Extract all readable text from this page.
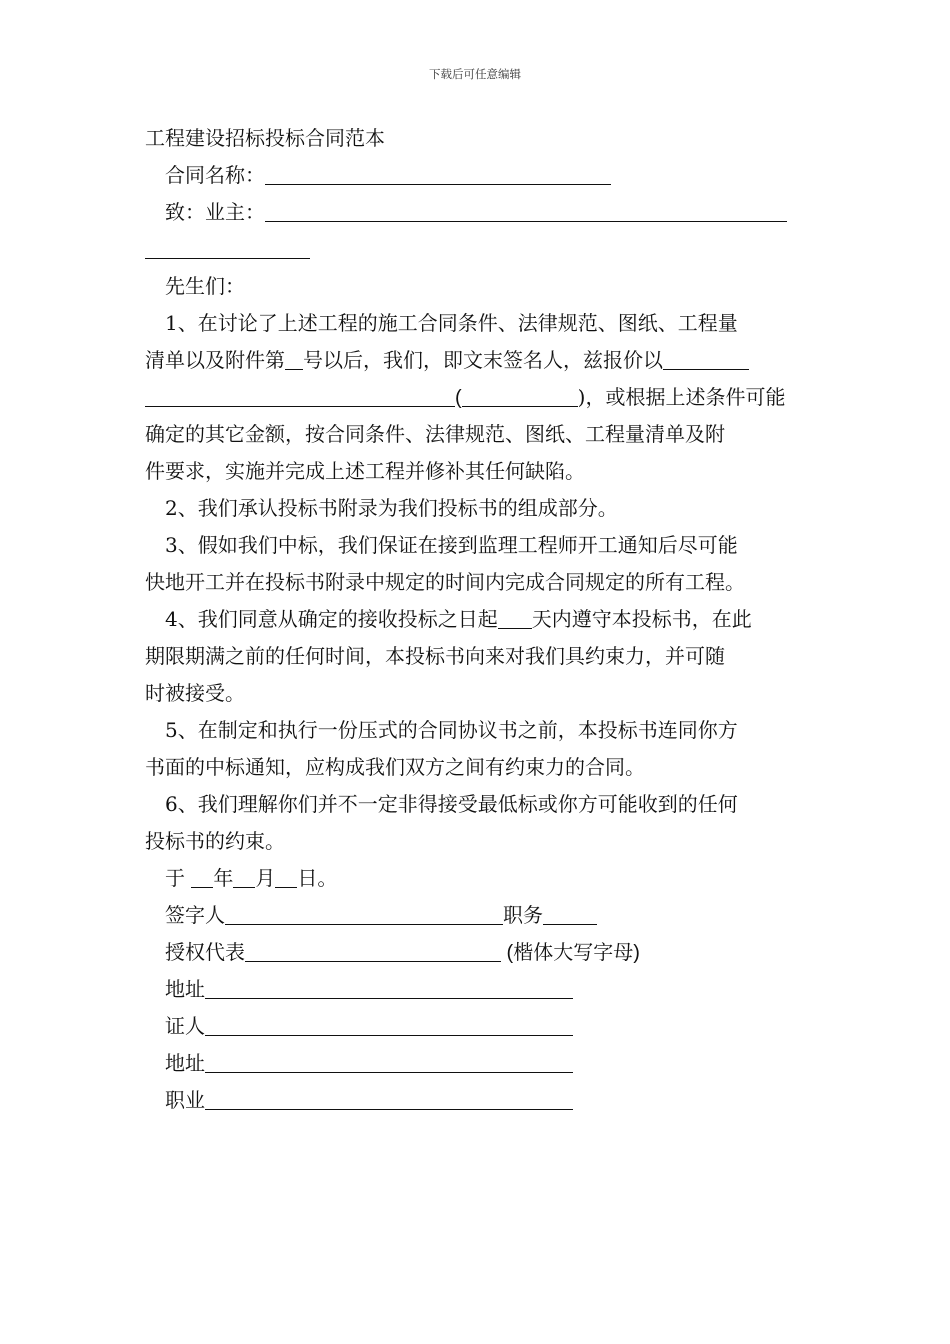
下载后可任意编辑
工程建设招标投标合同范本
合同名称：
致：业主：
先生们：
1、在讨论了上述工程的施工合同条件、法律规范、图纸、工程量
清单以及附件第 号以后，我们，即文末签名人，兹报价以
(	)，或根据上述条件可能
确定的其它金额，按合同条件、法律规范、图纸、工程量清单及附
件要求，实施并完成上述工程并修补其任何缺陷。
2、我们承认投标书附录为我们投标书的组成部分。
3、假如我们中标，我们保证在接到监理工程师开工通知后尽可能
快地开工并在投标书附录中规定的时间内完成合同规定的所有工程。
4、我们同意从确定的接收投标之日起 天内遵守本投标书，在此
期限期满之前的任何时间，本投标书向来对我们具约束力，并可随
时被接受。
5、在制定和执行一份压式的合同协议书之前，本投标书连同你方
书面的中标通知，应构成我们双方之间有约束力的合同。
6、我们理解你们并不一定非得接受最低标或你方可能收到的任何
投标书的约束。
于 年 月 日。
签字人	职务
授权代表	(楷体大写字母)
地址
证人
地址
职业
